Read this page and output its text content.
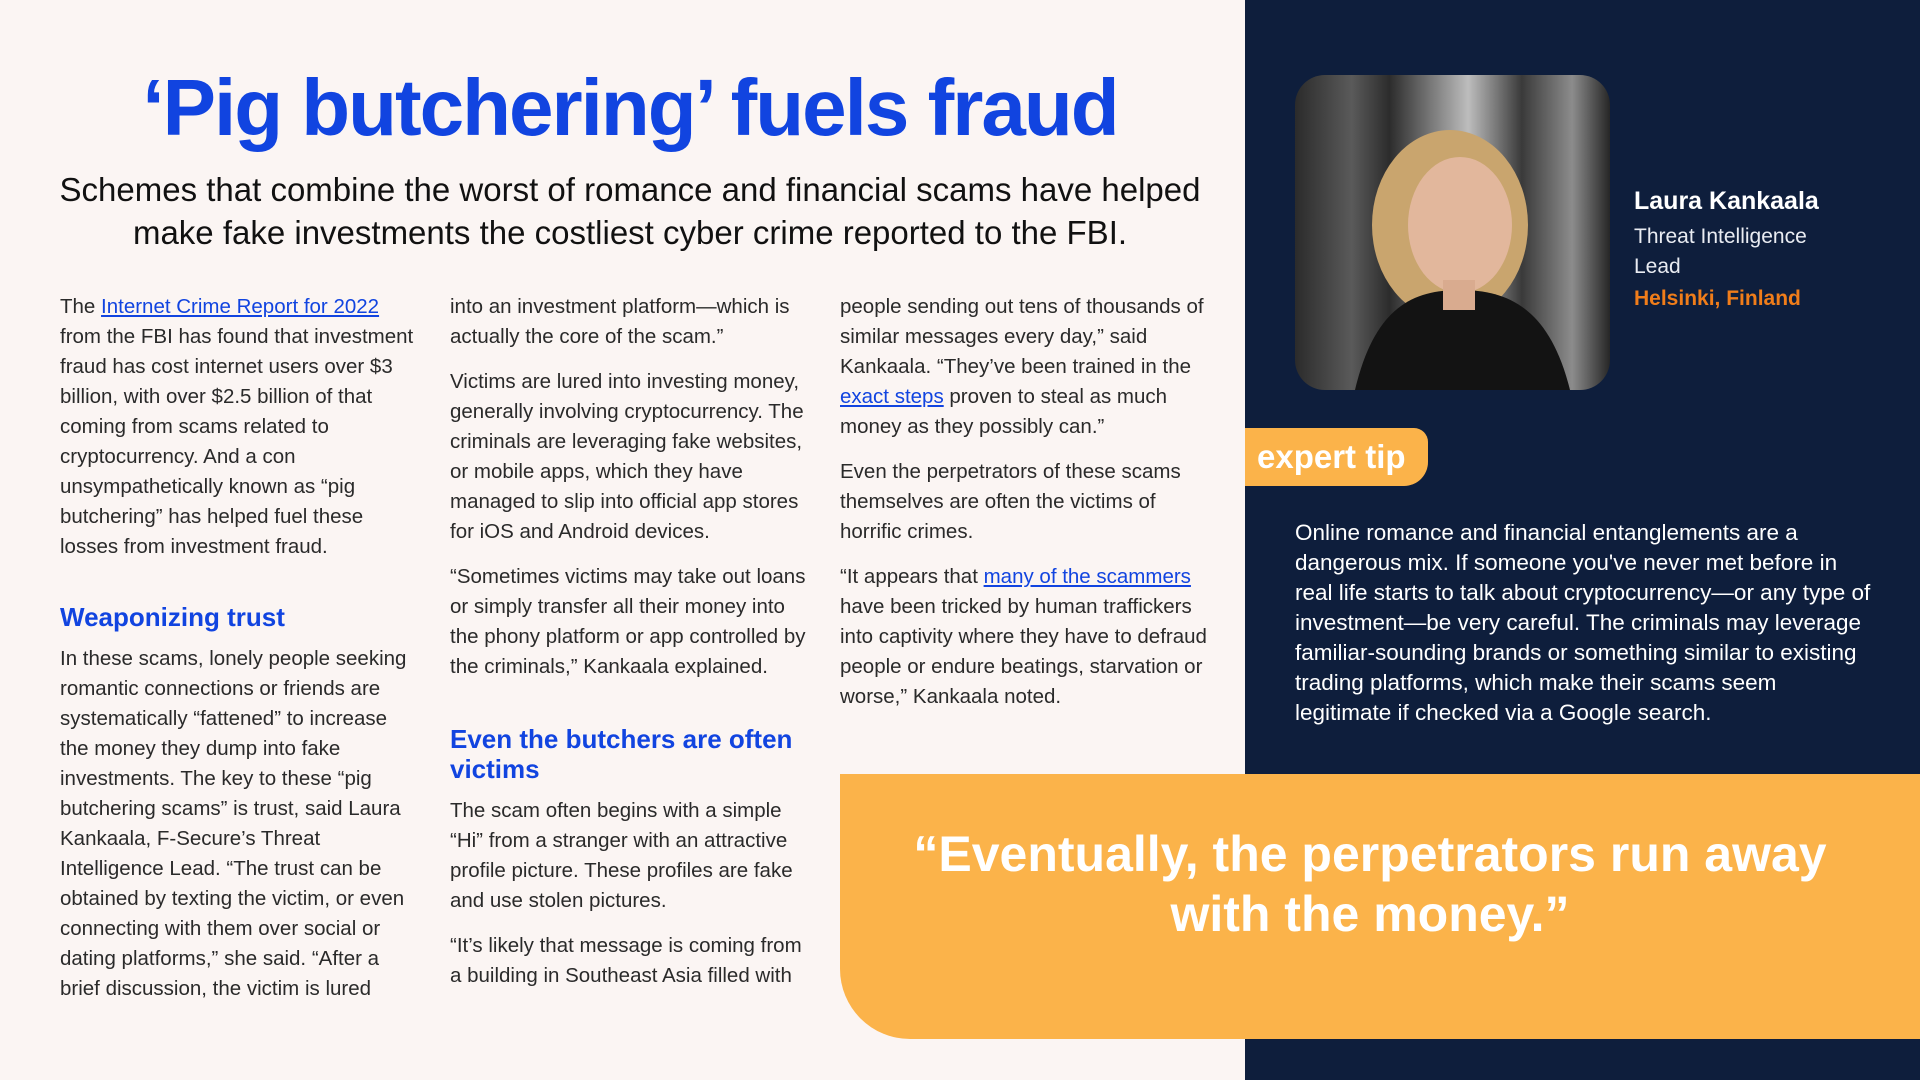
‘Pig butchering’ fuels fraud
Schemes that combine the worst of romance and financial scams have helped make fake investments the costliest cyber crime reported to the FBI.

The Internet Crime Report for 2022 from the FBI has found that investment fraud has cost internet users over $3 billion, with over $2.5 billion of that coming from scams related to cryptocurrency. And a con unsympathetically known as “pig butchering” has helped fuel these losses from investment fraud.

Weaponizing trust

In these scams, lonely people seeking romantic connections or friends are systematically “fattened” to increase the money they dump into fake investments. The key to these “pig butchering scams” is trust, said Laura Kankaala, F-Secure’s Threat Intelligence Lead. “The trust can be obtained by texting the victim, or even connecting with them over social or dating platforms,” she said. “After a brief discussion, the victim is lured

into an investment platform—which is actually the core of the scam.”

Victims are lured into investing money, generally involving cryptocurrency. The criminals are leveraging fake websites, or mobile apps, which they have managed to slip into official app stores for iOS and Android devices.

“Sometimes victims may take out loans or simply transfer all their money into the phony platform or app controlled by the criminals,” Kankaala explained.

Even the butchers are often victims

The scam often begins with a simple “Hi” from a stranger with an attractive profile picture. These profiles are fake and use stolen pictures.

“It’s likely that message is coming from a building in Southeast Asia filled with

people sending out tens of thousands of similar messages every day,” said Kankaala. “They’ve been trained in the exact steps proven to steal as much money as they possibly can.”

Even the perpetrators of these scams themselves are often the victims of horrific crimes.

“It appears that many of the scammers have been tricked by human traffickers into captivity where they have to defraud people or endure beatings, starvation or worse,” Kankaala noted.

Laura Kankaala

Threat Intelligence Lead

Helsinki, Finland

expert tip

Online romance and financial entanglements are a dangerous mix. If someone you've never met before in real life starts to talk about cryptocurrency—or any type of investment—be very careful. The criminals may leverage familiar-sounding brands or something similar to existing trading platforms, which make their scams seem legitimate if checked via a Google search.

“Eventually, the perpetrators run away with the money.”
